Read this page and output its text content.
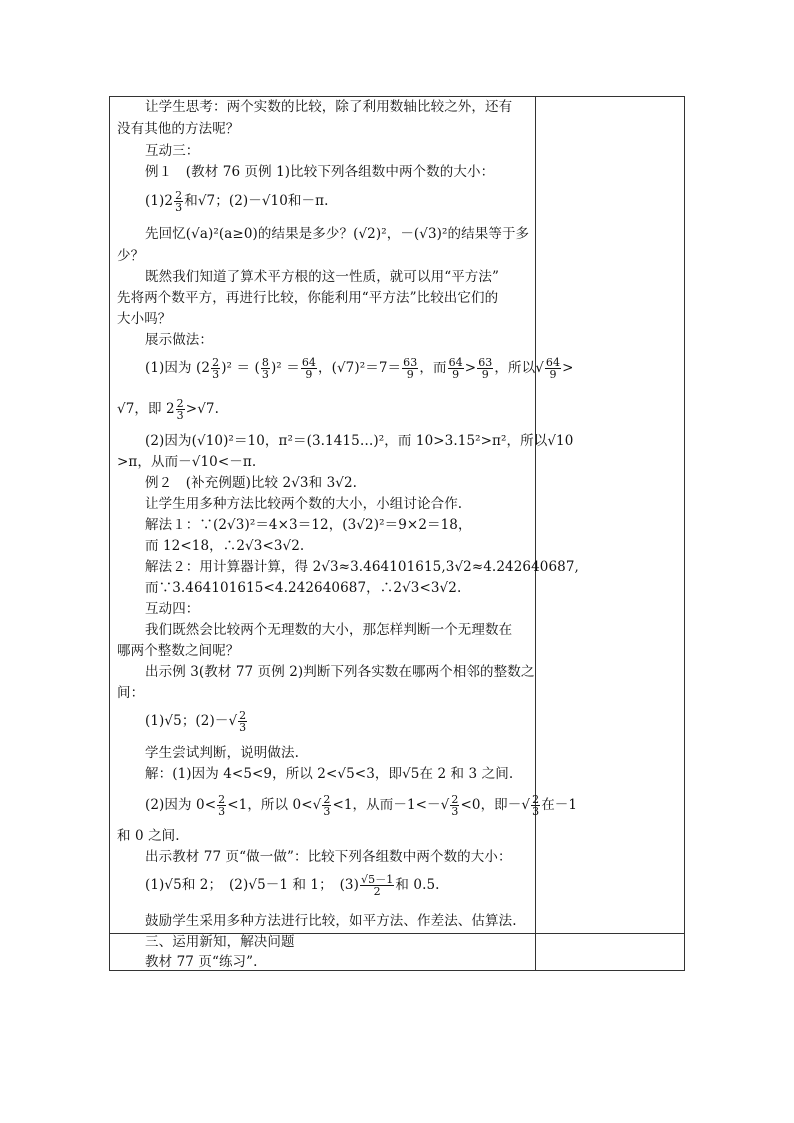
让学生思考：两个实数的比较，除了利用数轴比较之外，还有
没有其他的方法呢？
互动三：
例１　(教材 76 页例 1)比较下列各组数中两个数的大小：
$(1)2 \frac{2}{3}$ 和√7；(2)－√10和－π.
先回忆(√a)²(a≥0)的结果是多少？(√2)²，－(√3)²的结果等于多
少？
既然我们知道了算术平方根的这一性质，就可以用“平方法”
先将两个数平方，再进行比较，你能利用“平方法”比较出它们的
大小吗？
展示做法：
(1)因为 $(2 \frac{2}{3} )^2$ ＝ ( $\frac{8}{3} )^2 = \frac{64}{9}$ ，$(√7)^2=7= \frac{63}{9}$ ，而 $\frac{64}{9} > \frac{63}{9}$ ，所以√ $\frac{64}{9}$ >
√7，即 $2 \frac{2}{3} >√7$.
(2)因为(√10)²＝10，π²＝(3.1415…)²，而 10>3.15²>π²，所以√10
>π，从而－√10<－π.
例２　(补充例题)比较 2√3和 3√2.
让学生用多种方法比较两个数的大小，小组讨论合作.
解法１：∵(2√3)²＝4×3＝12，(3√2)²＝9×2＝18，
而 12<18，∴2√3<3√2.
解法２：用计算器计算，得 2√3≈3.464101615,3√2≈4.242640687,
而∵3.464101615<4.242640687，∴2√3<3√2.
互动四：
我们既然会比较两个无理数的大小，那怎样判断一个无理数在
哪两个整数之间呢？
出示例 3(教材 77 页例 2)判断下列各实数在哪两个相邻的整数之
间：
(1)√5；$(2)-√ \frac{2}{3}$
学生尝试判断，说明做法.
解：(1)因为 4<5<9，所以 2<√5<3，即√5在 2 和 3 之间.
(2)因为 $0< \frac{2}{3} <1$，所以 $0<√ \frac{2}{3} <1$，从而$-1<-√ \frac{2}{3} <0$，即－√ $\frac{2}{3}$ 在－1
和 0 之间.
出示教材 77 页“做一做”：比较下列各组数中两个数的大小：
(1)√5和 2；　(2)√5－1 和 1；　$(3) \frac{√5-1}{2}$ 和 0.5.
鼓励学生采用多种方法进行比较，如平方法、作差法、估算法.
三、运用新知，解决问题
教材 77 页“练习”.
